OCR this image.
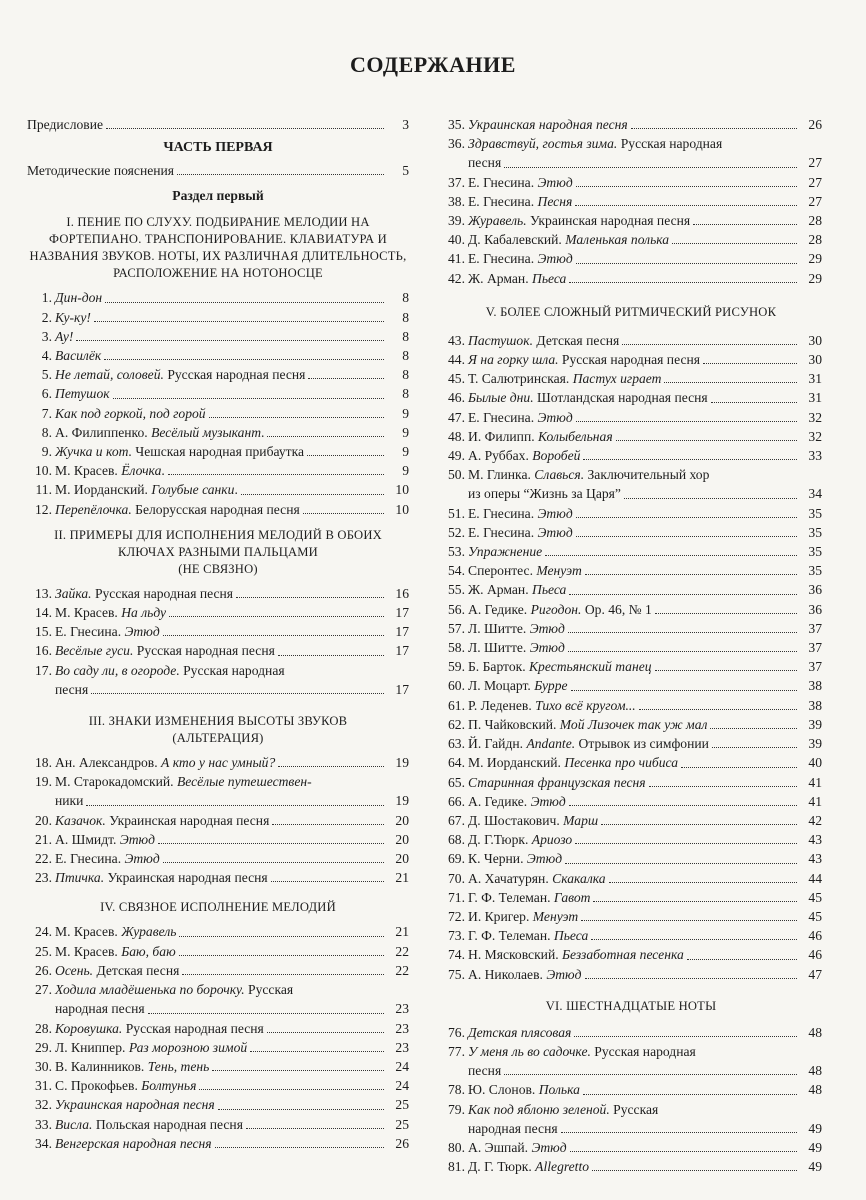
СОДЕРЖАНИЕ
Предисловие	3
ЧАСТЬ ПЕРВАЯ
Методические пояснения	5
Раздел первый
I. ПЕНИЕ ПО СЛУХУ. ПОДБИРАНИЕ МЕЛОДИИ НА ФОРТЕПИАНО. ТРАНСПОНИРОВАНИЕ. КЛАВИАТУРА И НАЗВАНИЯ ЗВУКОВ. НОТЫ, ИХ РАЗЛИЧНАЯ ДЛИТЕЛЬНОСТЬ, РАСПОЛОЖЕНИЕ НА НОТОНОСЦЕ
1. Дин-дон	8
2. Ку-ку!	8
3. Ау!	8
4. Василёк	8
5. Не летай, соловей. Русская народная песня	8
6. Петушок	8
7. Как под горкой, под горой	9
8. А. Филиппенко. Весёлый музыкант.	9
9. Жучка и кот. Чешская народная прибаутка	9
10. М. Красев. Ёлочка.	9
11. М. Иорданский. Голубые санки.	10
12. Перепёлочка. Белорусская народная песня	10
II. ПРИМЕРЫ ДЛЯ ИСПОЛНЕНИЯ МЕЛОДИЙ В ОБОИХ КЛЮЧАХ РАЗНЫМИ ПАЛЬЦАМИ
(НЕ СВЯЗНО)
13. Зайка. Русская народная песня	16
14. М. Красев. На льду	17
15. Е. Гнесина. Этюд	17
16. Весёлые гуси. Русская народная песня	17
17. Во саду ли, в огороде. Русская народная
песня	17
III. ЗНАКИ ИЗМЕНЕНИЯ ВЫСОТЫ ЗВУКОВ
(АЛЬТЕРАЦИЯ)
18. Ан. Александров. А кто у нас умный?	19
19. М. Старокадомский. Весёлые путешествен-
ники	19
20. Казачок. Украинская народная песня	20
21. А. Шмидт. Этюд	20
22. Е. Гнесина. Этюд	20
23. Птичка. Украинская народная песня	21
IV. СВЯЗНОЕ ИСПОЛНЕНИЕ МЕЛОДИЙ
24. М. Красев. Журавель	21
25. М. Красев. Баю, баю	22
26. Осень. Детская песня	22
27. Ходила младёшенька по борочку. Русская
народная песня	23
28. Коровушка. Русская народная песня	23
29. Л. Книппер. Раз морозною зимой	23
30. В. Калинников. Тень, тень	24
31. С. Прокофьев. Болтунья	24
32. Украинская народная песня	25
33. Висла. Польская народная песня	25
34. Венгерская народная песня	26
35. Украинская народная песня	26
36. Здравствуй, гостья зима. Русская народная
песня	27
37. Е. Гнесина. Этюд	27
38. Е. Гнесина. Песня	27
39. Журавель. Украинская народная песня	28
40. Д. Кабалевский. Маленькая полька	28
41. Е. Гнесина. Этюд	29
42. Ж. Арман. Пьеса	29
V. БОЛЕЕ СЛОЖНЫЙ РИТМИЧЕСКИЙ РИСУНОК
43. Пастушок. Детская песня	30
44. Я на горку шла. Русская народная песня	30
45. Т. Салютринская. Пастух играет	31
46. Былые дни. Шотландская народная песня	31
47. Е. Гнесина. Этюд	32
48. И. Филипп. Колыбельная	32
49. А. Руббах. Воробей	33
50. М. Глинка. Славься. Заключительный хор
из оперы “Жизнь за Царя”	34
51. Е. Гнесина. Этюд	35
52. Е. Гнесина. Этюд	35
53. Упражнение	35
54. Сперонтес. Менуэт	35
55. Ж. Арман. Пьеса	36
56. А. Гедике. Ригодон. Ор. 46, № 1	36
57. Л. Шитте. Этюд	37
58. Л. Шитте. Этюд	37
59. Б. Барток. Крестьянский танец	37
60. Л. Моцарт. Бурре	38
61. Р. Леденев. Тихо всё кругом...	38
62. П. Чайковский. Мой Лизочек так уж мал	39
63. Й. Гайдн. Andante. Отрывок из симфонии	39
64. М. Иорданский. Песенка про чибиса	40
65. Старинная французская песня	41
66. А. Гедике. Этюд	41
67. Д. Шостакович. Марш	42
68. Д. Г.Тюрк. Ариозо	43
69. К. Черни. Этюд	43
70. А. Хачатурян. Скакалка	44
71. Г. Ф. Телеман. Гавот	45
72. И. Кригер. Менуэт	45
73. Г. Ф. Телеман. Пьеса	46
74. Н. Мясковский. Беззаботная песенка	46
75. А. Николаев. Этюд	47
VI. ШЕСТНАДЦАТЫЕ НОТЫ
76. Детская плясовая	48
77. У меня ль во садочке. Русская народная
песня	48
78. Ю. Слонов. Полька	48
79. Как под яблоню зеленой. Русская
народная песня	49
80. А. Эшпай. Этюд	49
81. Д. Г. Тюрк. Allegretto	49
